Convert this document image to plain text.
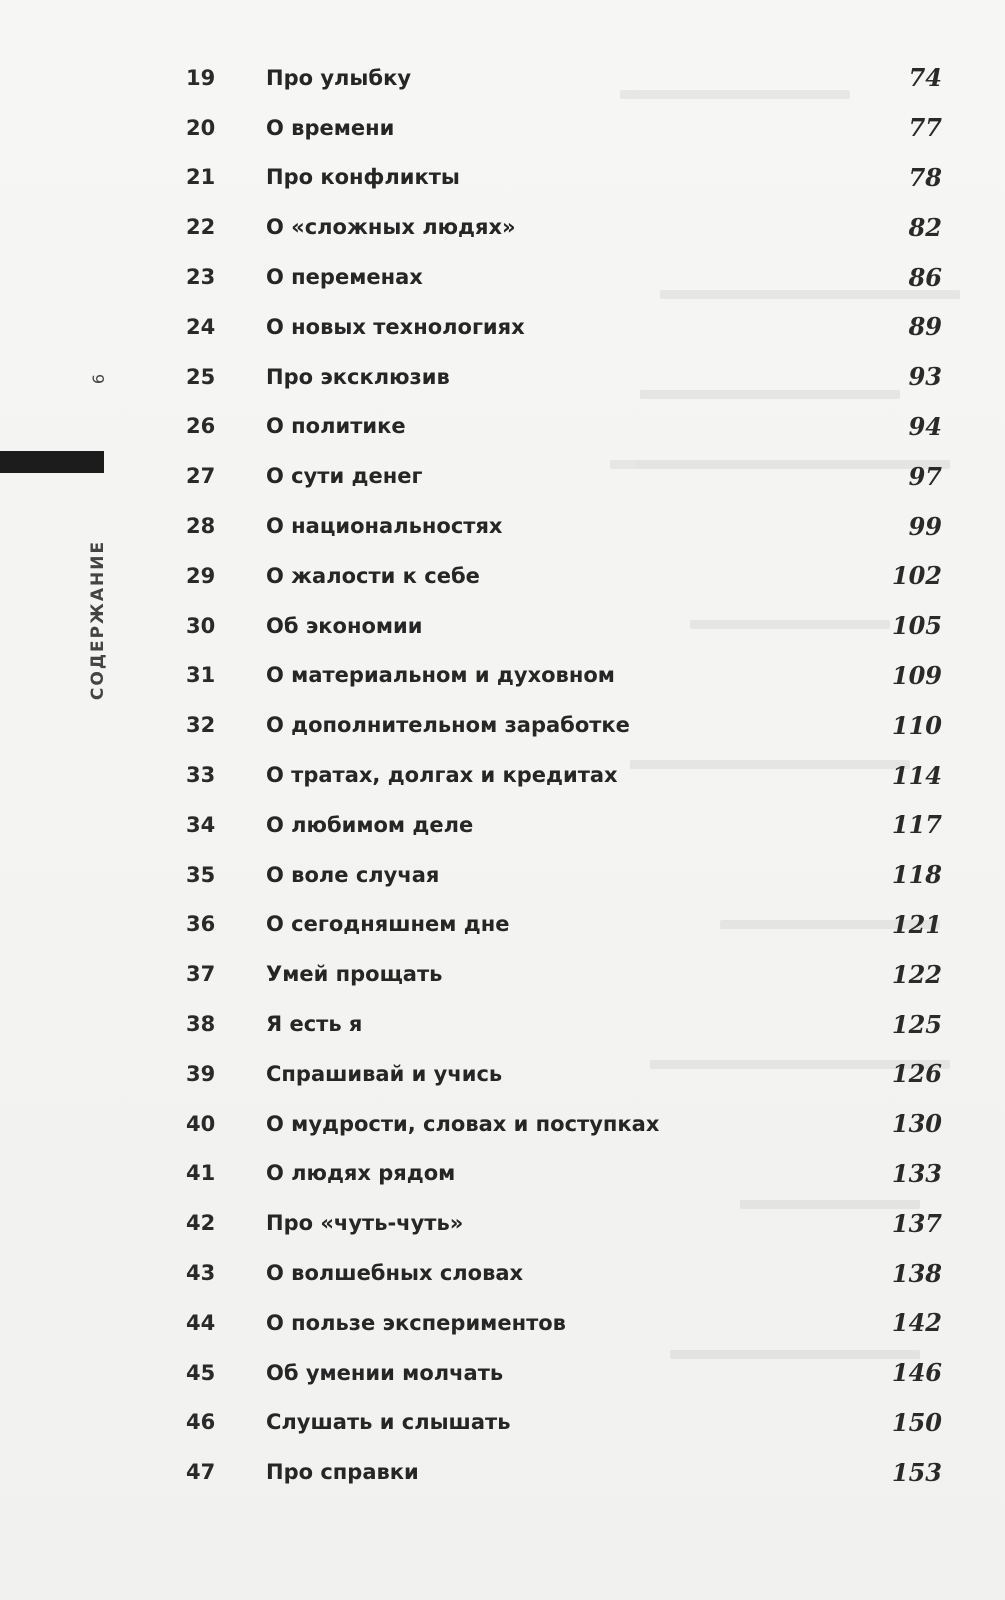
6
СОДЕРЖАНИЕ
19	Про улыбку	74
20	О времени	77
21	Про конфликты	78
22	О «сложных людях»	82
23	О переменах	86
24	О новых технологиях	89
25	Про эксклюзив	93
26	О политике	94
27	О сути денег	97
28	О национальностях	99
29	О жалости к себе	102
30	Об экономии	105
31	О материальном и духовном	109
32	О дополнительном заработке	110
33	О тратах, долгах и кредитах	114
34	О любимом деле	117
35	О воле случая	118
36	О сегодняшнем дне	121
37	Умей прощать	122
38	Я есть я	125
39	Спрашивай и учись	126
40	О мудрости, словах и поступках	130
41	О людях рядом	133
42	Про «чуть-чуть»	137
43	О волшебных словах	138
44	О пользе экспериментов	142
45	Об умении молчать	146
46	Слушать и слышать	150
47	Про справки	153
